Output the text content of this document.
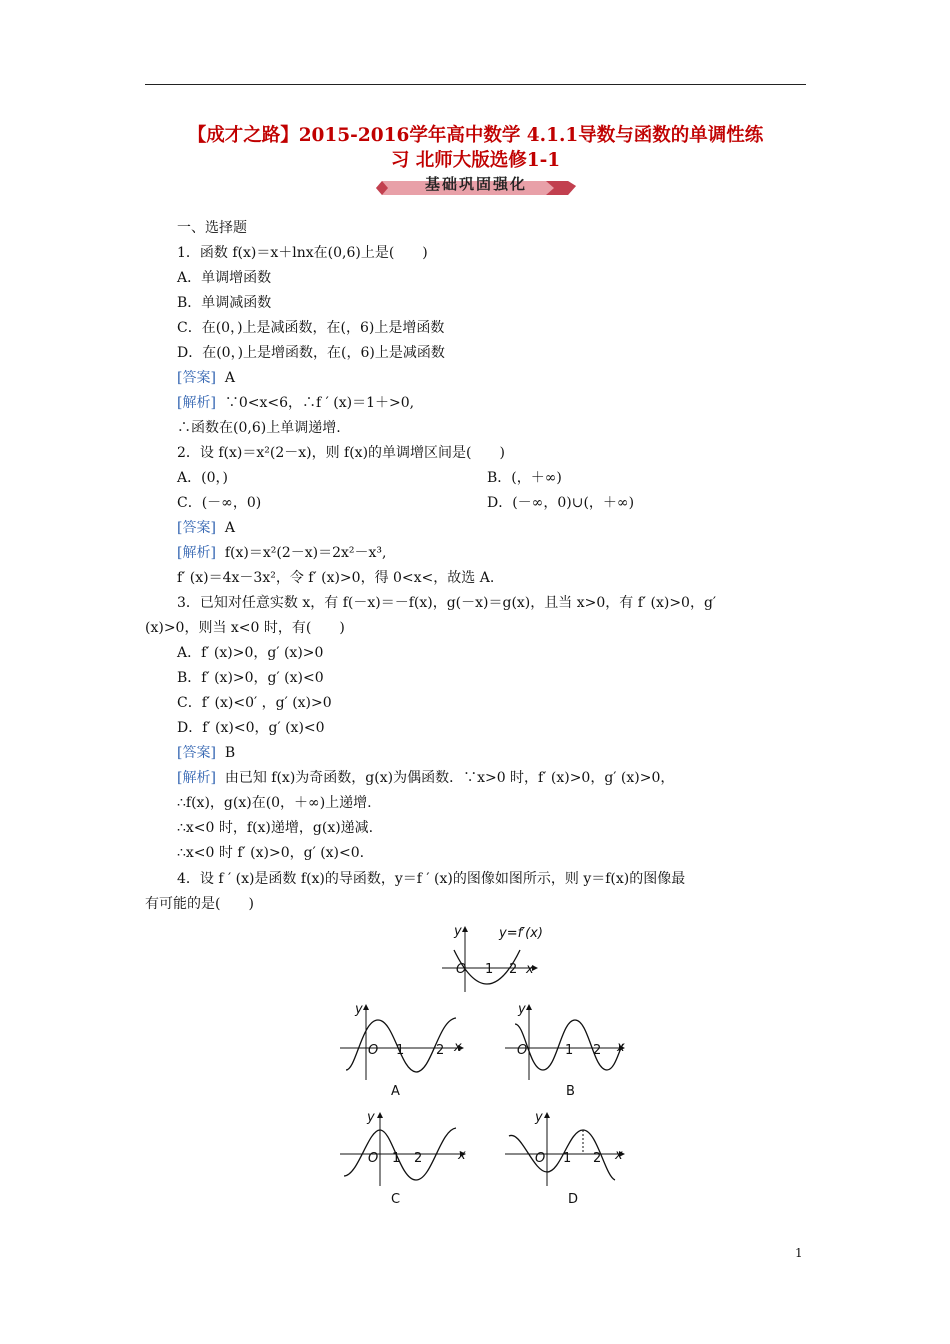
【成才之路】2015-2016学年高中数学 4.1.1导数与函数的单调性练
习 北师大版选修1-1
基础巩固强化
一、选择题
1．函数 f(x)＝x＋lnx在(0,6)上是(　　)
A．单调增函数
B．单调减函数
C．在(0，)上是减函数，在(，6)上是增函数
D．在(0，)上是增函数，在(，6)上是减函数
[答案] A
[解析] ∵0<x<6，∴f ′ (x)＝1＋>0,
∴函数在(0,6)上单调递增.
2．设 f(x)＝x²(2－x)，则 f(x)的单调增区间是(　　)
A．(0，)	B．(，＋∞)
C．(－∞，0)	D．(－∞，0)∪(，＋∞)
[答案] A
[解析] f(x)＝x²(2－x)＝2x²－x³,
f′ (x)＝4x－3x²，令 f′ (x)>0，得 0<x<，故选 A.
3．已知对任意实数 x，有 f(－x)＝－f(x)，g(－x)＝g(x)，且当 x>0，有 f′ (x)>0，g′
(x)>0，则当 x<0 时，有(　　)
A．f′ (x)>0，g′ (x)>0
B．f′ (x)>0，g′ (x)<0
C．f′ (x)<0′ ，g′ (x)>0
D．f′ (x)<0，g′ (x)<0
[答案] B
[解析] 由已知 f(x)为奇函数，g(x)为偶函数．∵x>0 时，f′ (x)>0，g′ (x)>0，
∴f(x)，g(x)在(0，＋∞)上递增.
∴x<0 时，f(x)递增，g(x)递减.
∴x<0 时 f′ (x)>0，g′ (x)<0.
4．设 f ′ (x)是函数 f(x)的导函数，y＝f ′ (x)的图像如图所示，则 y＝f(x)的图像最
有可能的是(　　)
y	y=f′(x)
O 1 2 x
y
O 1 2 x
A
y
O	1 2 x
B
y
O 1 2	x
C
y
O 1 2 x
D
1
